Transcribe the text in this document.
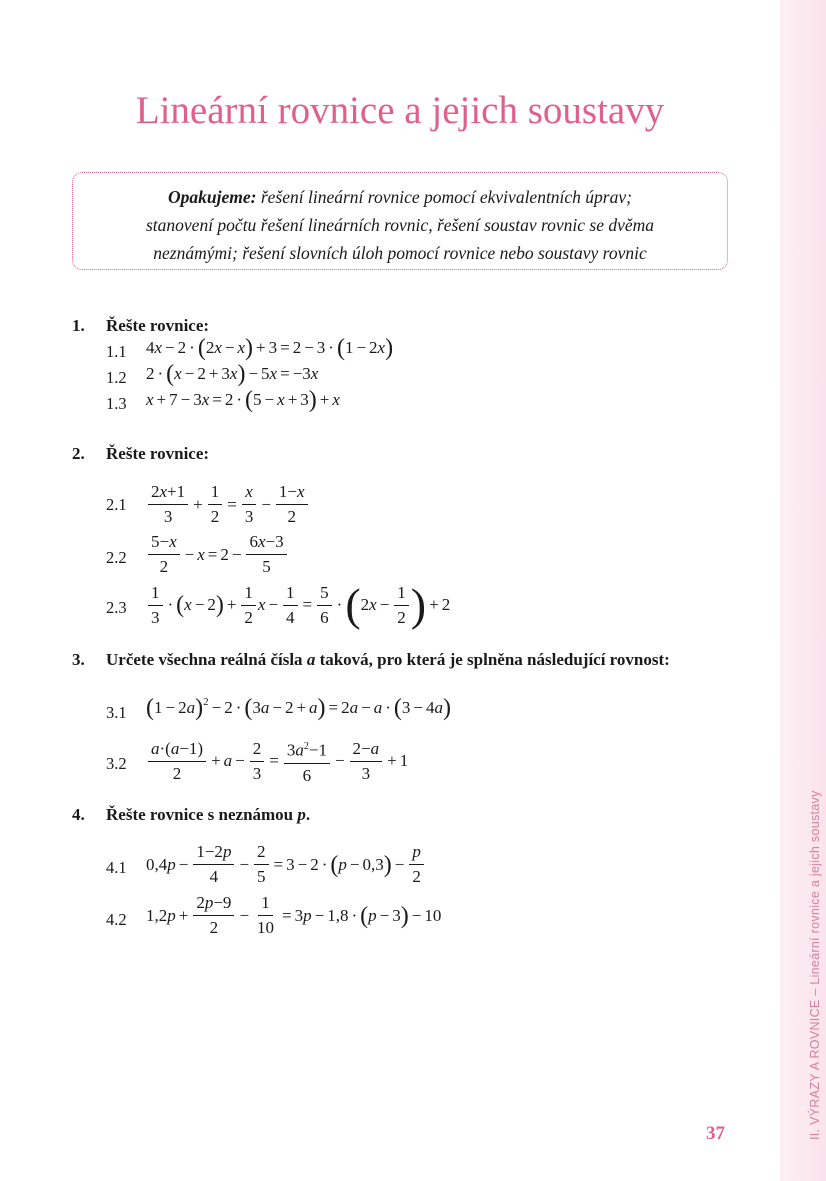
II. VÝRAZY A ROVNICE – Lineární rovnice a jejich soustavy
Lineární rovnice a jejich soustavy
Opakujeme: řešení lineární rovnice pomocí ekvivalentních úprav;
stanovení počtu řešení lineárních rovnic, řešení soustav rovnic se dvěma
neznámými; řešení slovních úloh pomocí rovnice nebo soustavy rovnic
1. Řešte rovnice:
1.1 4x − 2 · ( 2x − x ) + 3 = 2 − 3 · ( 1 − 2x )
1.2 2 · ( x − 2 + 3x ) − 5x = −3x
1.3 x + 7 − 3x = 2 · ( 5 − x + 3 ) + x
2. Řešte rovnice:
$2.1 \frac{2x+1}{3} + \frac{1}{2} = \frac{x}{3} - \frac{1-x}{2}$
$2.2 \frac{5-x}{2} - x = 2 - \frac{6x-3}{5}$
$2.3 \frac{1}{3}$ · ( x − 2 ) + $\frac{1}{2}$ $x - \frac{1}{4} = \frac{5}{6}$ · ( $2x - \frac{1}{2}$ ) + 2
3. Určete všechna reálná čísla a taková, pro která je splněna následující rovnost:
3.1 ( 1 − 2a )$^2$ − 2 · ( 3a − 2 + a ) = 2a − a · ( 3 − 4a )
$3.2 \frac{a\cdot(a-1)}{2} + a - \frac{2}{3} = \frac{3a^2-1}{6} - \frac{2-a}{3} + 1$
4. Řešte rovnice s neznámou p.
4.1 $0,4p - \frac{1-2p}{4} - \frac{2}{5} = 3 - 2$ · ( p − 0,3 ) − $\frac{p}{2}$
4.2 $1,2p + \frac{2p-9}{2} - \frac{1}{10} = 3p - 1,8$ · ( p − 3 ) − 10
37
